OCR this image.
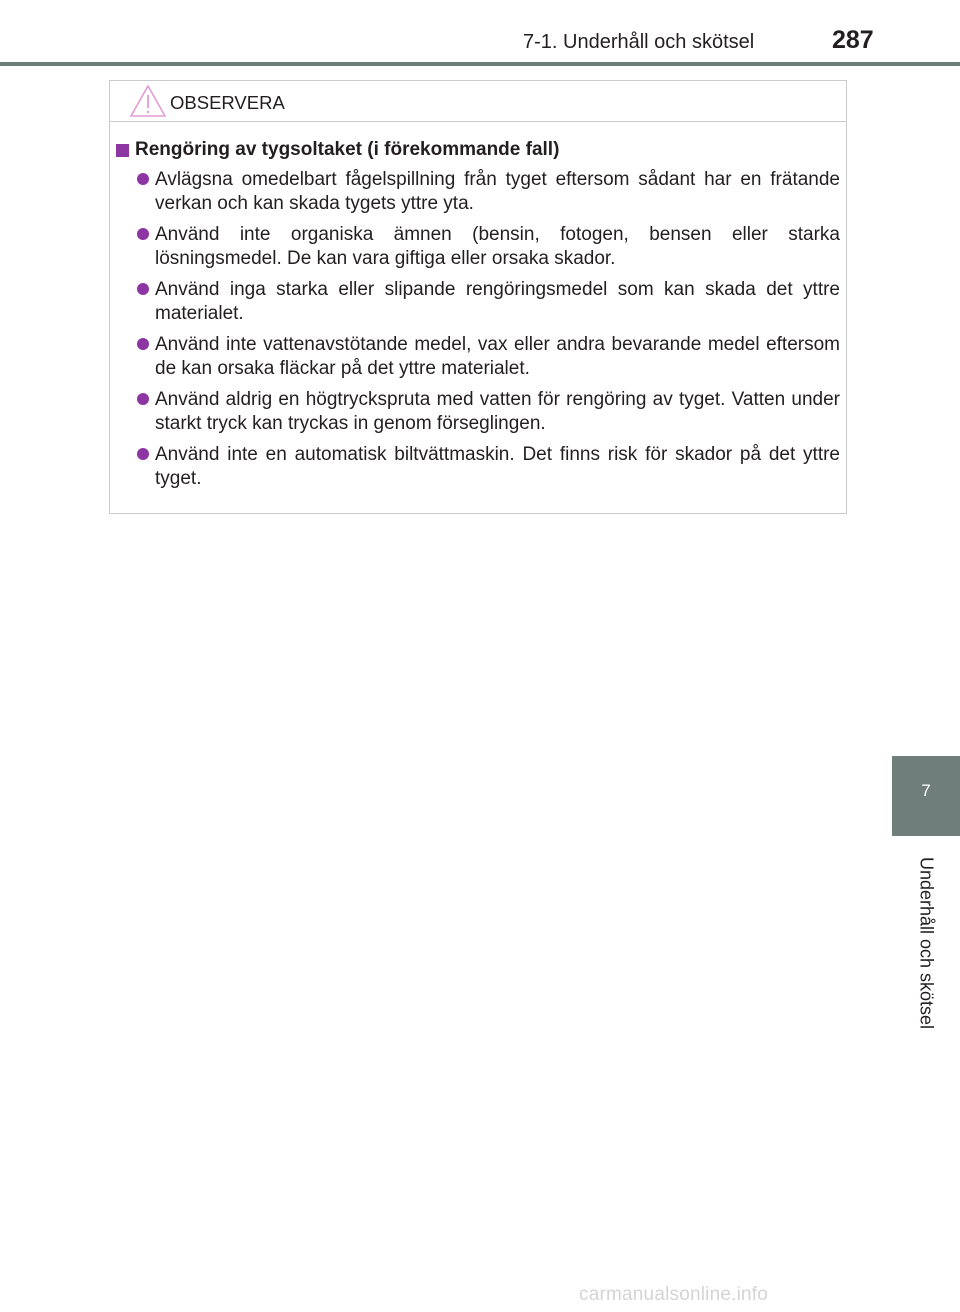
7-1. Underhåll och skötsel	287
OBSERVERA
Rengöring av tygsoltaket (i förekommande fall)
Avlägsna omedelbart fågelspillning från tyget eftersom sådant har en frätande verkan och kan skada tygets yttre yta.
Använd inte organiska ämnen (bensin, fotogen, bensen eller starka lösningsmedel. De kan vara giftiga eller orsaka skador.
Använd inga starka eller slipande rengöringsmedel som kan skada det yttre materialet.
Använd inte vattenavstötande medel, vax eller andra bevarande medel eftersom de kan orsaka fläckar på det yttre materialet.
Använd aldrig en högtryckspruta med vatten för rengöring av tyget. Vatten under starkt tryck kan tryckas in genom förseglingen.
Använd inte en automatisk biltvättmaskin. Det finns risk för skador på det yttre tyget.
7
Underhåll och skötsel
carmanualsonline.info
